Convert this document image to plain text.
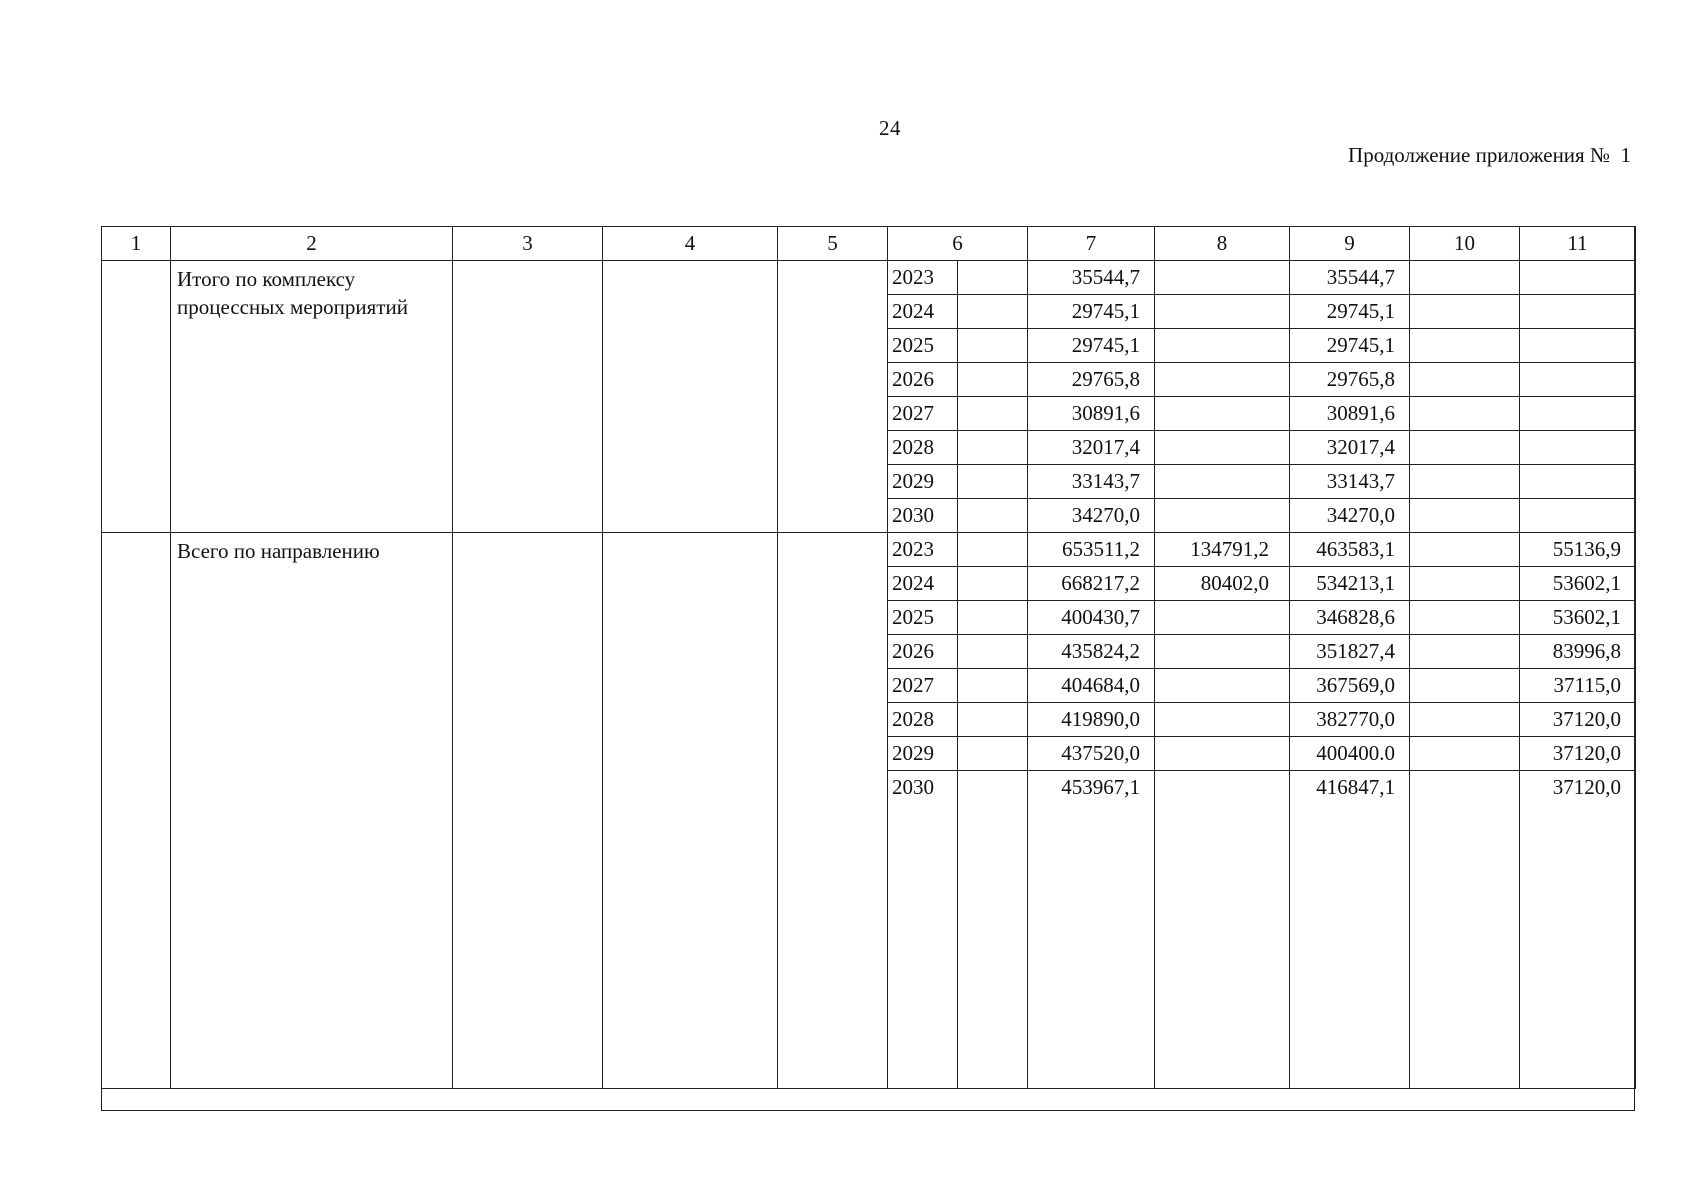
24
Продолжение приложения №  1
1	2	3	4	5	6		7	8	9	10	11
	Итого по комплексу процессных мероприятий				2023		35544,7		35544,7		
					2024		29745,1		29745,1		
					2025		29745,1		29745,1		
					2026		29765,8		29765,8		
					2027		30891,6		30891,6		
					2028		32017,4		32017,4		
					2029		33143,7		33143,7		
					2030		34270,0		34270,0		
	Всего по направлению				2023		653511,2	134791,2	463583,1		55136,9
					2024		668217,2	80402,0	534213,1		53602,1
					2025		400430,7		346828,6		53602,1
					2026		435824,2		351827,4		83996,8
					2027		404684,0		367569,0		37115,0
					2028		419890,0		382770,0		37120,0
					2029		437520,0		400400.0		37120,0
					2030		453967,1		416847,1		37120,0
